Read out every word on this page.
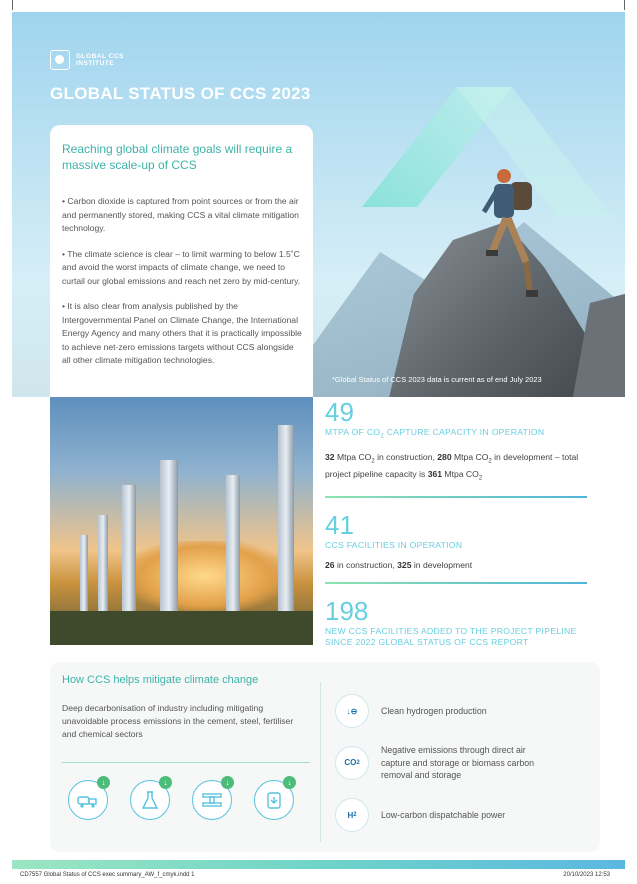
GLOBAL CCS INSTITUTE
GLOBAL STATUS OF CCS 2023
Reaching global climate goals will require a massive scale-up of CCS
• Carbon dioxide is captured from point sources or from the air and permanently stored, making CCS a vital climate mitigation technology.
• The climate science is clear – to limit warming to below 1.5˚C and avoid the worst impacts of climate change, we need to curtail our global emissions and reach net zero by mid-century.
• It is also clear from analysis published by the Intergovernmental Panel on Climate Change, the International Energy Agency and many others that it is practically impossible to achieve net-zero emissions targets without CCS alongside all other climate mitigation technologies.
*Global Status of CCS 2023 data is current as of end July 2023
49
MTPA OF $CO_2$ CAPTURE CAPACITY IN OPERATION
32 Mtpa $CO_2$ in construction, 280 Mtpa $CO_2$ in development – total project pipeline capacity is 361 Mtpa $CO_2$
41
CCS FACILITIES IN OPERATION
26 in construction, 325 in development
198
NEW CCS FACILITIES ADDED TO THE PROJECT PIPELINE SINCE 2022 GLOBAL STATUS OF CCS REPORT
How CCS helps mitigate climate change
Deep decarbonisation of industry including mitigating unavoidable process emissions in the cement, steel, fertiliser and chemical sectors
↓	↓	↓	↓
↓⊖	Clean hydrogen production
CO 2
Negative emissions through direct air capture and storage or biomass carbon removal and storage
H 2	Low-carbon dispatchable power
CD7557 Global Status of CCS exec summary_AW_f_cmyk.indd 1	20/10/2023 12:53
